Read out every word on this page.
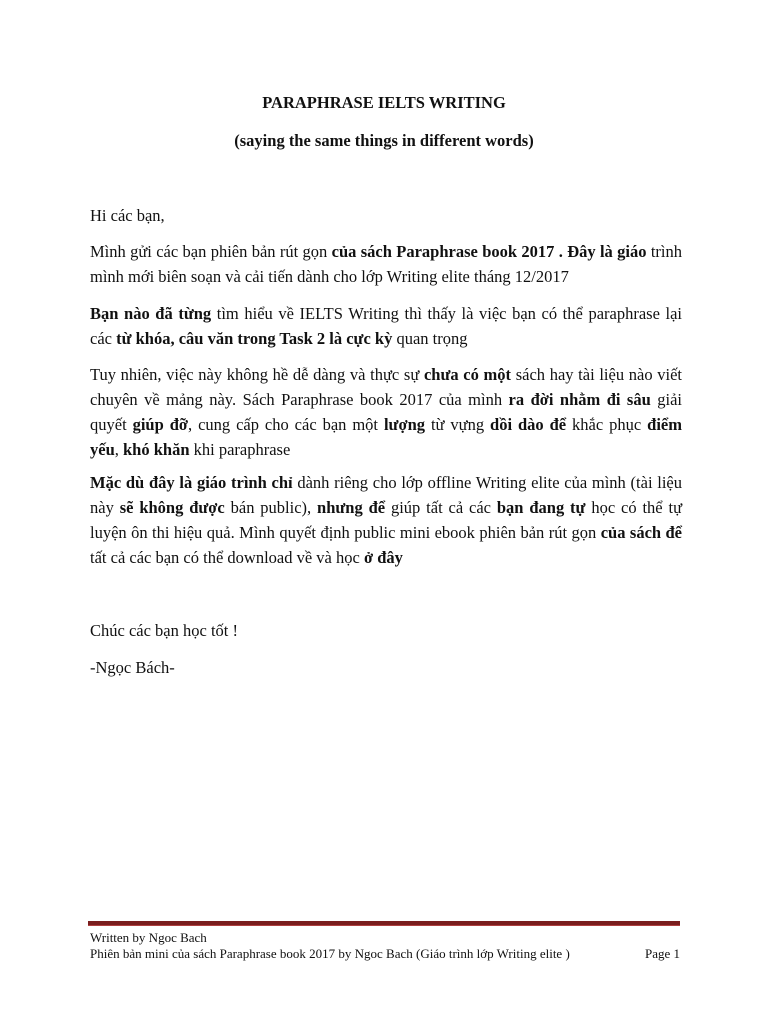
PARAPHRASE IELTS WRITING
(saying the same things in different words)

Hi các bạn,

Mình gửi các bạn phiên bản rút gọn của sách Paraphrase book 2017 . Đây là giáo trình mình mới biên soạn và cải tiến dành cho lớp Writing elite tháng 12/2017

Bạn nào đã từng tìm hiểu về IELTS Writing thì thấy là việc bạn có thể paraphrase lại các từ khóa, câu văn trong Task 2 là cực kỳ quan trọng

Tuy nhiên, việc này không hề dễ dàng và thực sự chưa có một sách hay tài liệu nào viết chuyên về mảng này. Sách Paraphrase book 2017 của mình ra đời nhằm đi sâu giải quyết giúp đỡ, cung cấp cho các bạn một lượng từ vựng dồi dào để khắc phục điểm yếu, khó khăn khi paraphrase

Mặc dù đây là giáo trình chỉ dành riêng cho lớp offline Writing elite của mình (tài liệu này sẽ không được bán public), nhưng để giúp tất cả các bạn đang tự học có thể tự luyện ôn thi hiệu quả. Mình quyết định public mini ebook phiên bản rút gọn của sách để tất cả các bạn có thể download về và học ở đây

Chúc các bạn học tốt !

-Ngọc Bách-

Written by Ngoc Bach

Phiên bản mini của sách Paraphrase book 2017 by Ngoc Bach (Giáo trình lớp Writing elite )	Page 1
